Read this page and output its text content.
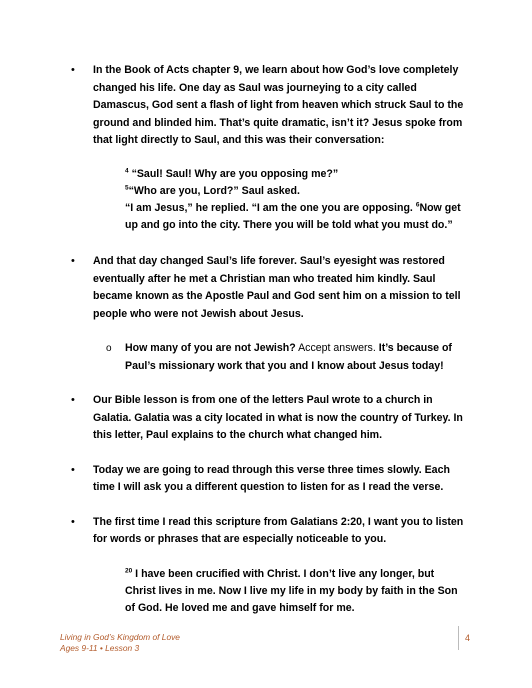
• In the Book of Acts chapter 9, we learn about how God’s love completely changed his life. One day as Saul was journeying to a city called Damascus, God sent a flash of light from heaven which struck Saul to the ground and blinded him. That’s quite dramatic, isn’t it? Jesus spoke from that light directly to Saul, and this was their conversation:
$^4$ “Saul! Saul! Why are you opposing me?”
$^5$“Who are you, Lord?” Saul asked.
“I am Jesus,” he replied. “I am the one you are opposing. $^6$Now get up and go into the city. There you will be told what you must do.”
• And that day changed Saul’s life forever. Saul’s eyesight was restored eventually after he met a Christian man who treated him kindly. Saul became known as the Apostle Paul and God sent him on a mission to tell people who were not Jewish about Jesus.
o How many of you are not Jewish? Accept answers. It’s because of Paul’s missionary work that you and I know about Jesus today!
• Our Bible lesson is from one of the letters Paul wrote to a church in Galatia. Galatia was a city located in what is now the country of Turkey. In this letter, Paul explains to the church what changed him.
• Today we are going to read through this verse three times slowly. Each time I will ask you a different question to listen for as I read the verse.
• The first time I read this scripture from Galatians 2:20, I want you to listen for words or phrases that are especially noticeable to you.
$^{20}$ I have been crucified with Christ. I don’t live any longer, but Christ lives in me. Now I live my life in my body by faith in the Son of God. He loved me and gave himself for me.
Living in God’s Kingdom of Love
Ages 9-11 • Lesson 3
4
